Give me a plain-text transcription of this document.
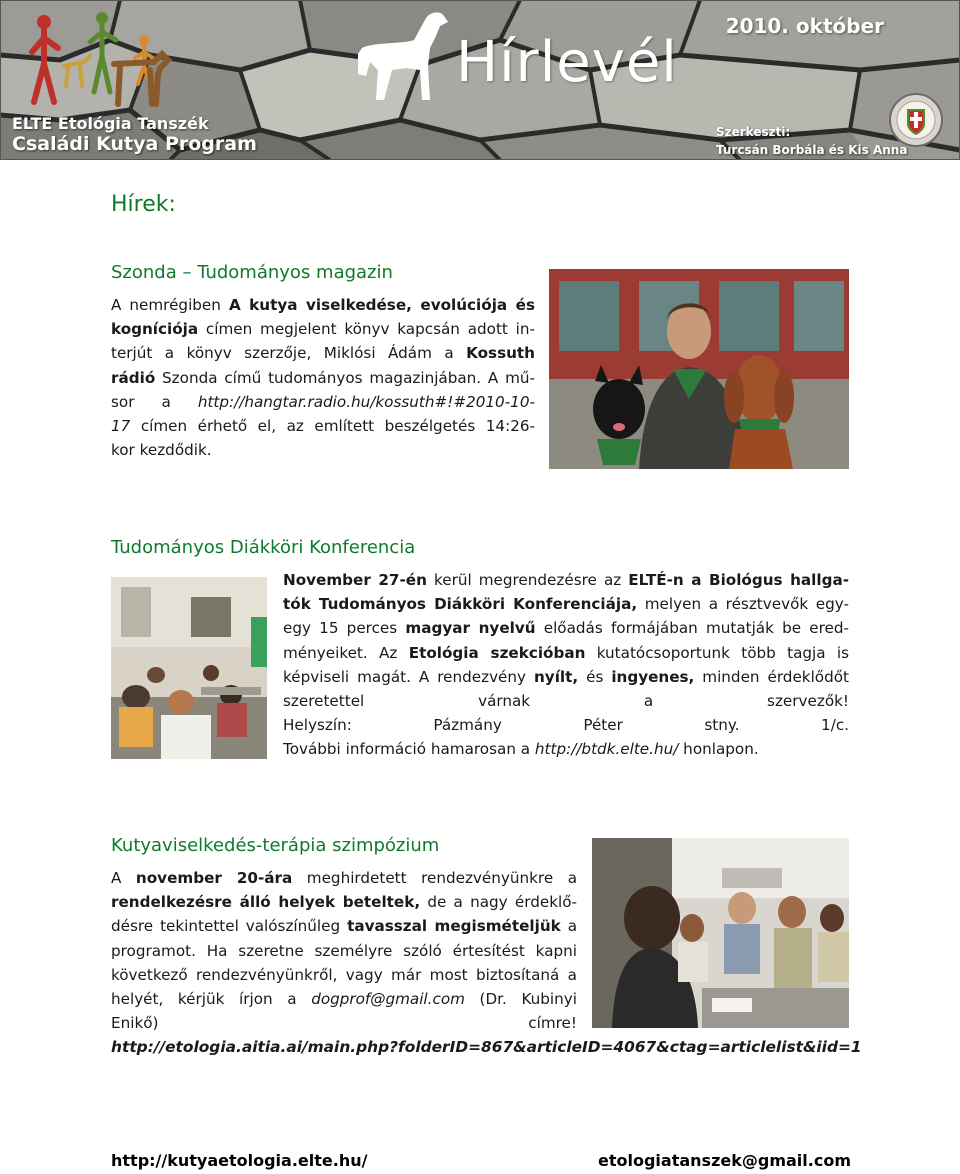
Hírlevél
2010. október
ELTE Etológia Tanszék
Családi Kutya Program
Szerkeszti:
Turcsán Borbála és Kis Anna
Hírek:
Szonda – Tudományos magazin
A nemrégiben A kutya viselkedése, evolúciója és
kogníciója címen megjelent könyv kapcsán adott in-
terjút a könyv szerzője, Miklósi Ádám a Kossuth
rádió Szonda című tudományos magazinjában. A mű-
sor a http://hangtar.radio.hu/kossuth#!#2010-10-
17 címen érhető el, az említett beszélgetés 14:26-
kor kezdődik.
Tudományos Diákköri Konferencia
November 27-én kerül megrendezésre az ELTÉ-n a Biológus hallga-
tók Tudományos Diákköri Konferenciája, melyen a résztvevők egy-
egy 15 perces magyar nyelvű előadás formájában mutatják be ered-
ményeiket. Az Etológia szekcióban kutatócsoportunk több tagja is
képviseli magát. A rendezvény nyílt, és ingyenes, minden érdeklődőt
szeretettel várnak a szervezők!
Helyszín: Pázmány Péter stny. 1/c.
További információ hamarosan a http://btdk.elte.hu/ honlapon.
Kutyaviselkedés-terápia szimpózium
A november 20-ára meghirdetett rendezvényünkre a
rendelkezésre álló helyek beteltek, de a nagy érdeklő-
désre tekintettel valószínűleg tavasszal megismételjük a
programot. Ha szeretne személyre szóló értesítést kapni
következő rendezvényünkről, vagy már most biztosítaná a
helyét, kérjük írjon a dogprof@gmail.com (Dr. Kubinyi
Enikő) címre!
http://etologia.aitia.ai/main.php?folderID=867&articleID=4067&ctag=articlelist&iid=1
http://kutyaetologia.elte.hu/	etologiatanszek@gmail.com
